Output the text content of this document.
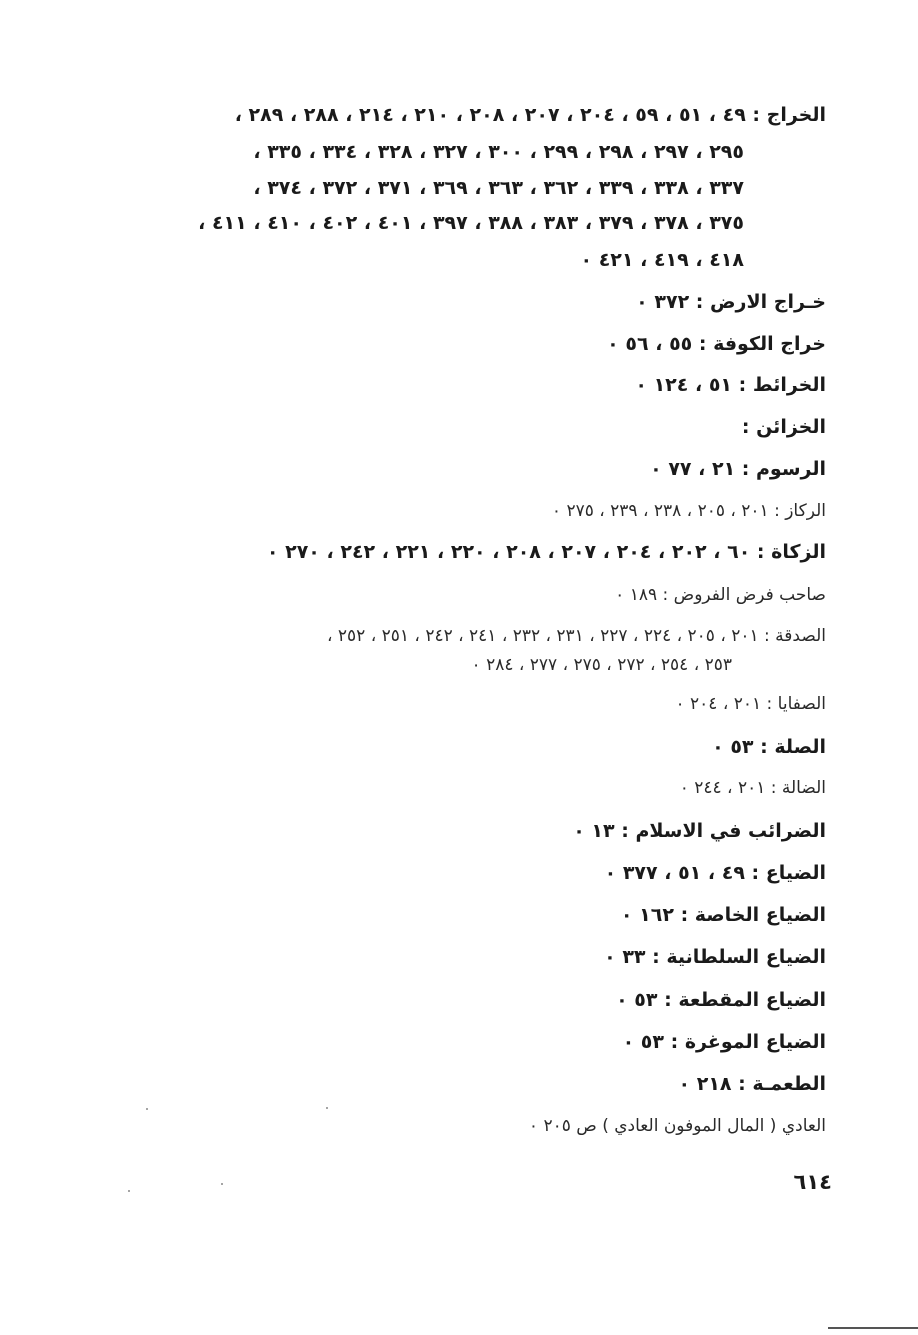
الخراج : ٤٩ ، ٥١ ، ٥٩ ، ٢٠٤ ، ٢٠٧ ، ٢٠٨ ، ٢١٠ ، ٢١٤ ، ٢٨٨ ، ٢٨٩ ،
٢٩٥ ، ٢٩٧ ، ٢٩٨ ، ٢٩٩ ، ٣٠٠ ، ٣٢٧ ، ٣٢٨ ، ٣٣٤ ، ٣٣٥ ،
٣٣٧ ، ٣٣٨ ، ٣٣٩ ، ٣٦٢ ، ٣٦٣ ، ٣٦٩ ، ٣٧١ ، ٣٧٢ ، ٣٧٤ ،
٣٧٥ ، ٣٧٨ ، ٣٧٩ ، ٣٨٣ ، ٣٨٨ ، ٣٩٧ ، ٤٠١ ، ٤٠٢ ، ٤١٠ ، ٤١١ ،
٤١٨ ، ٤١٩ ، ٤٢١ ٠
خـراج الارض : ٣٧٢ ٠
خراج الكوفة : ٥٥ ، ٥٦ ٠
الخرائط : ٥١ ، ١٢٤ ٠
الخزائن :
الرسوم : ٢١ ، ٧٧ ٠
الركاز : ٢٠١ ، ٢٠٥ ، ٢٣٨ ، ٢٣٩ ، ٢٧٥ ٠
الزكاة : ٦٠ ، ٢٠٢ ، ٢٠٤ ، ٢٠٧ ، ٢٠٨ ، ٢٢٠ ، ٢٢١ ، ٢٤٢ ، ٢٧٠ ٠
صاحب فرض الفروض : ١٨٩ ٠
الصدقة : ٢٠١ ، ٢٠٥ ، ٢٢٤ ، ٢٢٧ ، ٢٣١ ، ٢٣٢ ، ٢٤١ ، ٢٤٢ ، ٢٥١ ، ٢٥٢ ،
٢٥٣ ، ٢٥٤ ، ٢٧٢ ، ٢٧٥ ، ٢٧٧ ، ٢٨٤ ٠
الصفايا : ٢٠١ ، ٢٠٤ ٠
الصلة : ٥٣ ٠
الضالة : ٢٠١ ، ٢٤٤ ٠
الضرائب في الاسلام : ١٣ ٠
الضياع : ٤٩ ، ٥١ ، ٣٧٧ ٠
الضياع الخاصة : ١٦٢ ٠
الضياع السلطانية : ٣٣ ٠
الضياع المقطعة : ٥٣ ٠
الضياع الموغرة : ٥٣ ٠
الطعمـة : ٢١٨ ٠
العادي ( المال الموفون العادي ) ص ٢٠٥ ٠
٦١٤
